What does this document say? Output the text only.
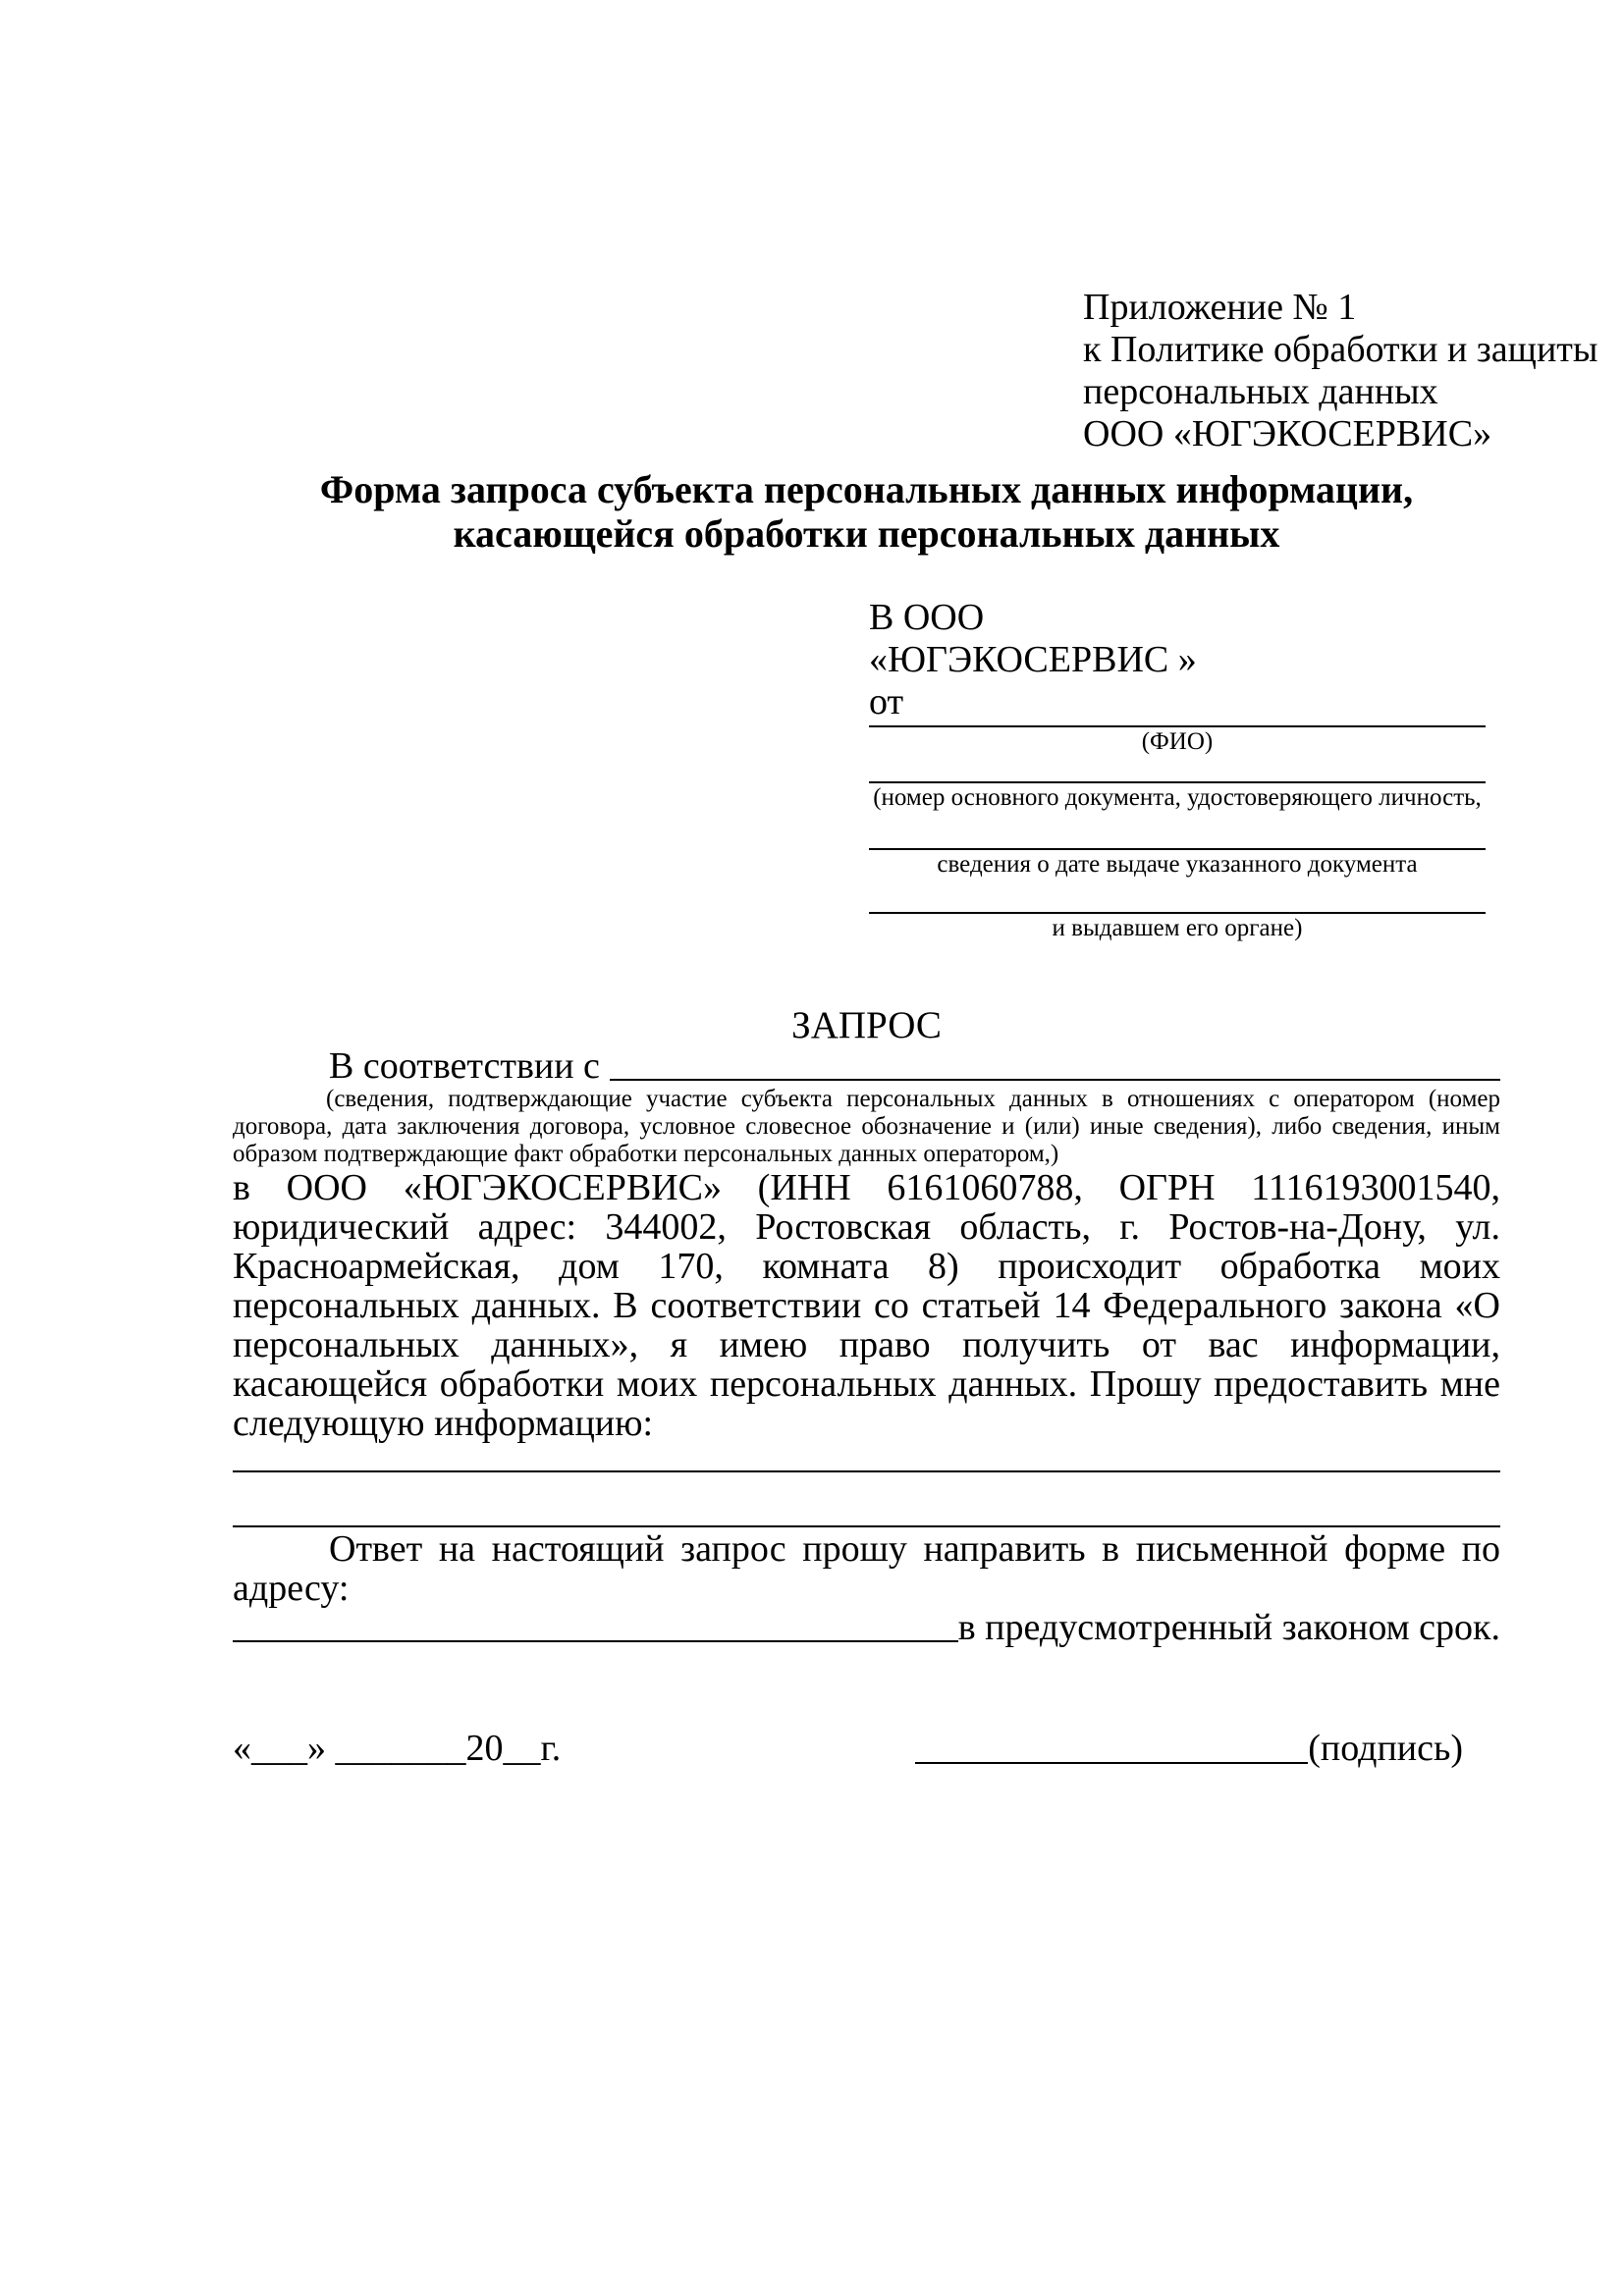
Приложение № 1
к Политике обработки и защиты
персональных данных
ООО «ЮГЭКОСЕРВИС»
Форма запроса субъекта персональных данных информации,
касающейся обработки персональных данных
В ООО
«ЮГЭКОСЕРВИС »
от
(ФИО)
(номер основного документа, удостоверяющего личность,
сведения о дате выдаче указанного документа
и выдавшем его органе)
ЗАПРОС
В соответствии с
(сведения, подтверждающие участие субъекта персональных данных в отношениях с оператором (номер договора, дата заключения договора, условное словесное обозначение и (или) иные сведения), либо сведения, иным образом подтверждающие факт обработки персональных данных оператором,)
в ООО «ЮГЭКОСЕРВИС» (ИНН 6161060788, ОГРН 1116193001540, юридический адрес: 344002, Ростовская область, г. Ростов-на-Дону, ул. Красноармейская, дом 170, комната 8) происходит обработка моих персональных данных. В соответствии со статьей 14 Федерального закона «О персональных данных», я имею право получить от вас информации, касающейся обработки моих персональных данных. Прошу предоставить мне следующую информацию:
Ответ на настоящий запрос прошу направить в письменной форме по адресу:
в предусмотренный законом срок.
«___» _______20__г.	(подпись)
